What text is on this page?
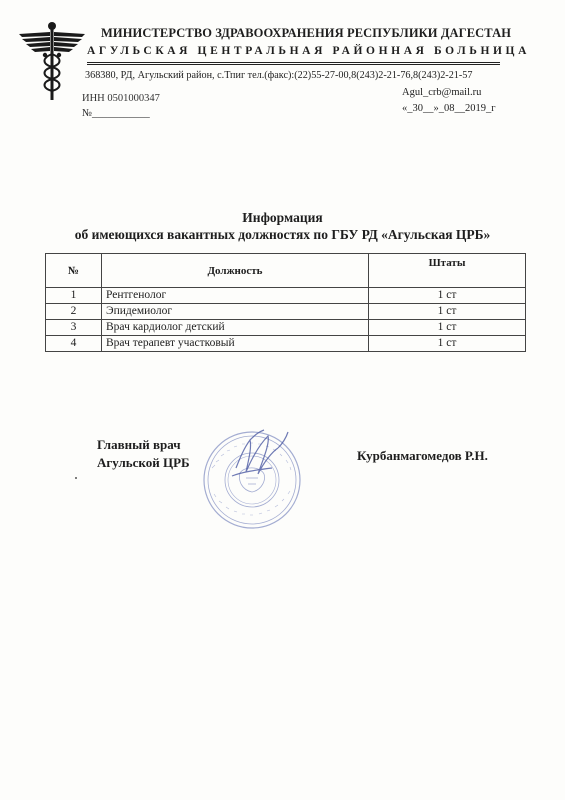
МИНИСТЕРСТВО ЗДРАВООХРАНЕНИЯ РЕСПУБЛИКИ ДАГЕСТАН
АГУЛЬСКАЯ ЦЕНТРАЛЬНАЯ РАЙОННАЯ БОЛЬНИЦА
368380, РД, Агульский район, с.Тпиг тел.(факс):(22)55-27-00,8(243)2-21-76,8(243)2-21-57
ИНН 0501000347
Agul_crb@mail.ru
№___________	«_30__»_08__2019_г
Информация
об имеющихся вакантных должностях по ГБУ РД «Агульская ЦРБ»
№	Должность	Штаты
1	Рентгенолог	1 ст
2	Эпидемиолог	1 ст
3	Врач кардиолог детский	1 ст
4	Врач терапевт участковый	1 ст
Главный врач
Агульской ЦРБ	Курбанмагомедов Р.Н.
